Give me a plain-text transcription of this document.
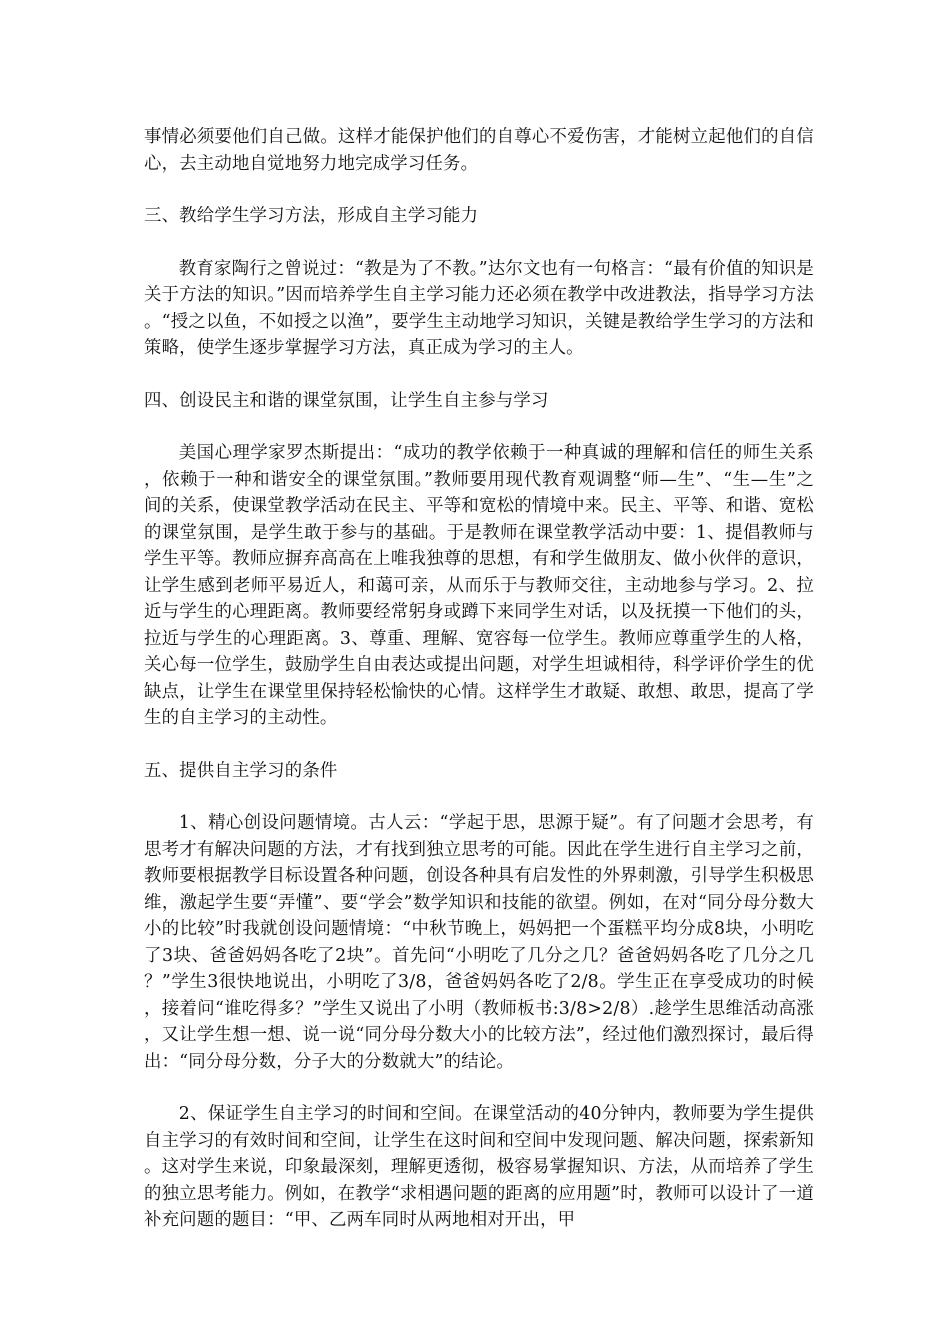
事情必须要他们自己做。这样才能保护他们的自尊心不爱伤害，才能树立起他们的自信心，去主动地自觉地努力地完成学习任务。

三、教给学生学习方法，形成自主学习能力

教育家陶行之曾说过：“教是为了不教。”达尔文也有一句格言：“最有价值的知识是关于方法的知识。”因而培养学生自主学习能力还必须在教学中改进教法，指导学习方法。“授之以鱼，不如授之以渔”，要学生主动地学习知识，关键是教给学生学习的方法和策略，使学生逐步掌握学习方法，真正成为学习的主人。

四、创设民主和谐的课堂氛围，让学生自主参与学习

美国心理学家罗杰斯提出：“成功的教学依赖于一种真诚的理解和信任的师生关系，依赖于一种和谐安全的课堂氛围。”教师要用现代教育观调整“师—生”、“生—生”之间的关系，使课堂教学活动在民主、平等和宽松的情境中来。民主、平等、和谐、宽松的课堂氛围，是学生敢于参与的基础。于是教师在课堂教学活动中要：1、提倡教师与学生平等。教师应摒弃高高在上唯我独尊的思想，有和学生做朋友、做小伙伴的意识，让学生感到老师平易近人，和蔼可亲，从而乐于与教师交往，主动地参与学习。2、拉近与学生的心理距离。教师要经常躬身或蹲下来同学生对话，以及抚摸一下他们的头，拉近与学生的心理距离。3、尊重、理解、宽容每一位学生。教师应尊重学生的人格，关心每一位学生，鼓励学生自由表达或提出问题，对学生坦诚相待，科学评价学生的优缺点，让学生在课堂里保持轻松愉快的心情。这样学生才敢疑、敢想、敢思，提高了学生的自主学习的主动性。

五、提供自主学习的条件

1、精心创设问题情境。古人云：“学起于思，思源于疑”。有了问题才会思考，有思考才有解决问题的方法，才有找到独立思考的可能。因此在学生进行自主学习之前，教师要根据教学目标设置各种问题，创设各种具有启发性的外界刺激，引导学生积极思维，激起学生要“弄懂”、要“学会”数学知识和技能的欲望。例如，在对“同分母分数大小的比较”时我就创设问题情境：“中秋节晚上，妈妈把一个蛋糕平均分成8块，小明吃了3块、爸爸妈妈各吃了2块”。首先问“小明吃了几分之几？爸爸妈妈各吃了几分之几？”学生3很快地说出，小明吃了3/8，爸爸妈妈各吃了2/8。学生正在享受成功的时候，接着问“谁吃得多？”学生又说出了小明（教师板书:3/8>2/8）.趁学生思维活动高涨，又让学生想一想、说一说“同分母分数大小的比较方法”，经过他们激烈探讨，最后得出：“同分母分数，分子大的分数就大”的结论。

2、保证学生自主学习的时间和空间。在课堂活动的40分钟内，教师要为学生提供自主学习的有效时间和空间，让学生在这时间和空间中发现问题、解决问题，探索新知。这对学生来说，印象最深刻，理解更透彻，极容易掌握知识、方法，从而培养了学生的独立思考能力。例如，在教学“求相遇问题的距离的应用题”时，教师可以设计了一道补充问题的题目：“甲、乙两车同时从两地相对开出，甲
